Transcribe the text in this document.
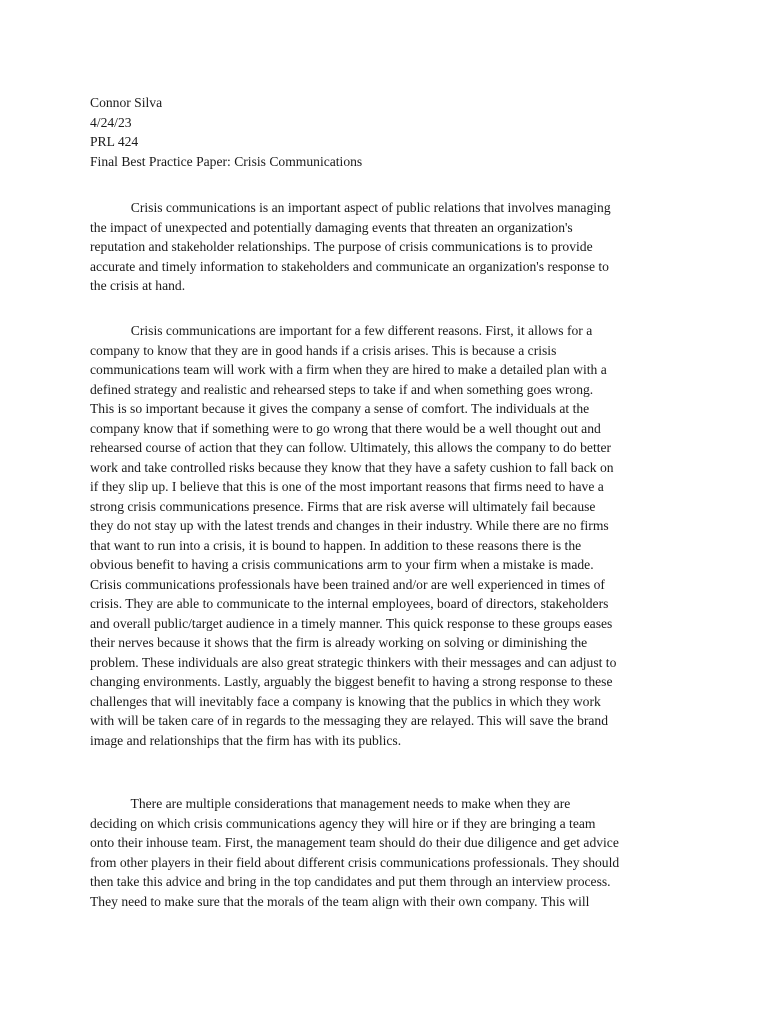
Connor Silva
4/24/23
PRL 424
Final Best Practice Paper: Crisis Communications
Crisis communications is an important aspect of public relations that involves managing
the impact of unexpected and potentially damaging events that threaten an organization's
reputation and stakeholder relationships. The purpose of crisis communications is to provide
accurate and timely information to stakeholders and communicate an organization's response to
the crisis at hand.
Crisis communications are important for a few different reasons. First, it allows for a
company to know that they are in good hands if a crisis arises. This is because a crisis
communications team will work with a firm when they are hired to make a detailed plan with a
defined strategy and realistic and rehearsed steps to take if and when something goes wrong.
This is so important because it gives the company a sense of comfort. The individuals at the
company know that if something were to go wrong that there would be a well thought out and
rehearsed course of action that they can follow. Ultimately, this allows the company to do better
work and take controlled risks because they know that they have a safety cushion to fall back on
if they slip up. I believe that this is one of the most important reasons that firms need to have a
strong crisis communications presence. Firms that are risk averse will ultimately fail because
they do not stay up with the latest trends and changes in their industry. While there are no firms
that want to run into a crisis, it is bound to happen. In addition to these reasons there is the
obvious benefit to having a crisis communications arm to your firm when a mistake is made.
Crisis communications professionals have been trained and/or are well experienced in times of
crisis. They are able to communicate to the internal employees, board of directors, stakeholders
and overall public/target audience in a timely manner. This quick response to these groups eases
their nerves because it shows that the firm is already working on solving or diminishing the
problem. These individuals are also great strategic thinkers with their messages and can adjust to
changing environments. Lastly, arguably the biggest benefit to having a strong response to these
challenges that will inevitably face a company is knowing that the publics in which they work
with will be taken care of in regards to the messaging they are relayed. This will save the brand
image and relationships that the firm has with its publics.
There are multiple considerations that management needs to make when they are
deciding on which crisis communications agency they will hire or if they are bringing a team
onto their inhouse team. First, the management team should do their due diligence and get advice
from other players in their field about different crisis communications professionals. They should
then take this advice and bring in the top candidates and put them through an interview process.
They need to make sure that the morals of the team align with their own company. This will
